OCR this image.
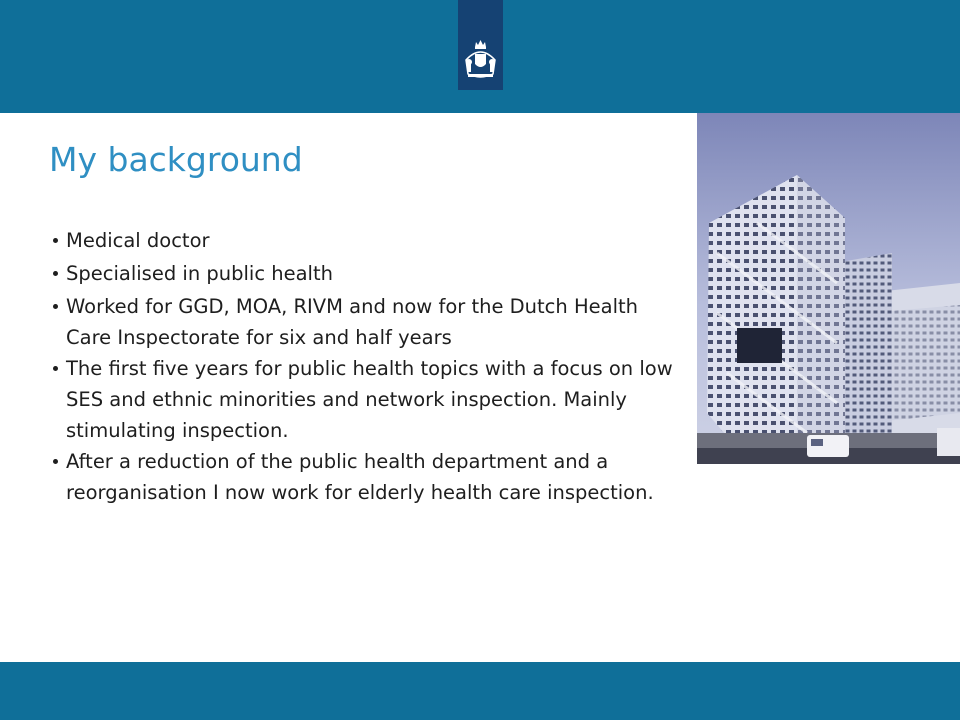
My background
Medical doctor
Specialised in public health
Worked for GGD, MOA, RIVM and now for the Dutch Health Care Inspectorate for six and half years
The first five years for public health topics with a focus on low SES and ethnic minorities and network inspection. Mainly stimulating inspection.
After a reduction of the public health department and a reorganisation I now work for elderly health care inspection.
